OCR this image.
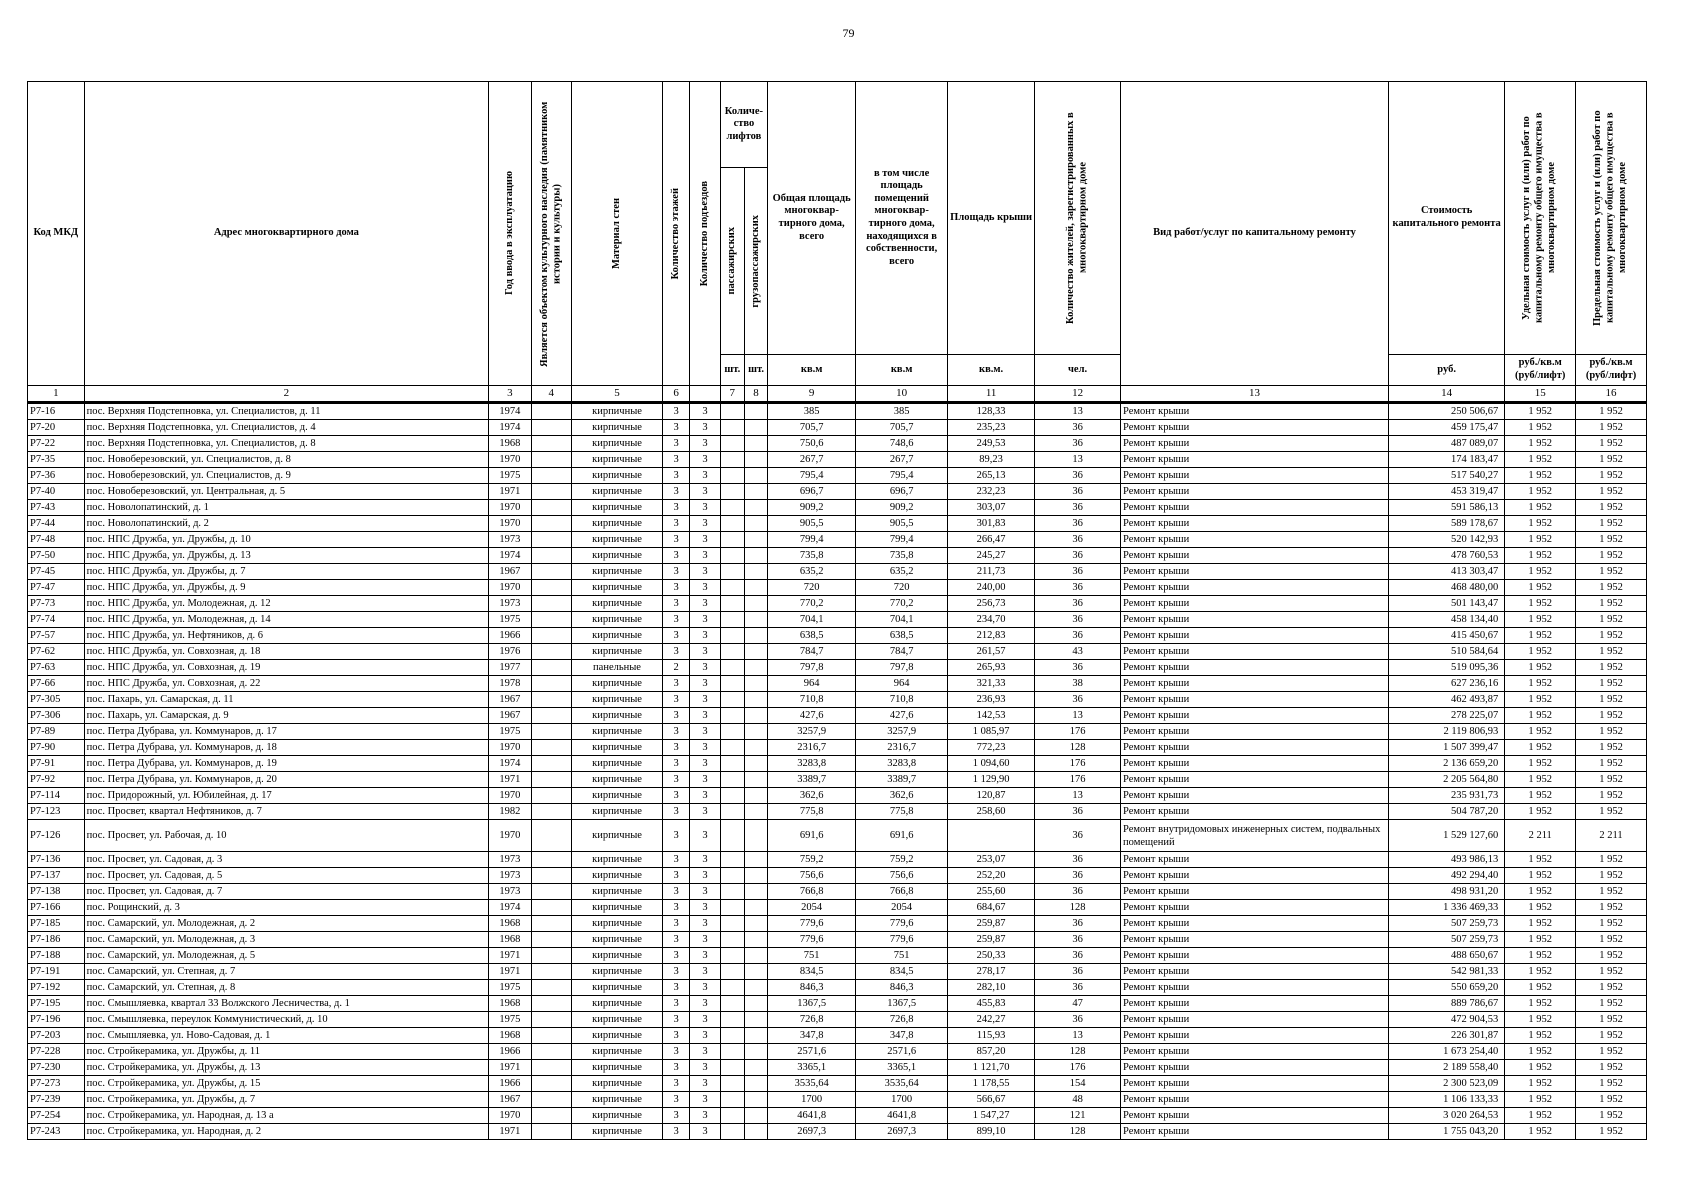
79
Код МКД	Адрес многоквартирного дома	Год ввода в эксплуатацию	Является объектом культурного наследия (памятником истории и культуры)	Материал стен	Количество этажей	Количество подъездов	Количе-ство лифтов		Общая площадь многоквар-тирного дома, всего	в том числе площадь помещений многоквар-тирного дома, находящихся в собственности, всего	Площадь крыши	Количество жителей, зарегистрированных в многоквартирном доме	Вид работ/услуг по капитальному ремонту	Стоимость капитального ремонта	Удельная стоимость услуг и (или) работ по капитальному ремонту общего имущества в многоквартирном доме	Предельная стоимость услуг и (или) работ по капитальному ремонту общего имущества в многоквартирном доме

							пассажирских	грузопассажирских								

							шт.	шт.	кв.м	кв.м	кв.м.	чел.		руб.	руб./кв.м (руб/лифт)	руб./кв.м (руб/лифт)
1	2	3	4	5	6		7	8	9	10	11	12	13	14	15	16
Р7-16	пос. Верхняя Подстепновка, ул. Специалистов, д. 11	1974		кирпичные	3	3			385	385	128,33	13	Ремонт крыши	250 506,67	1 952	1 952
Р7-20	пос. Верхняя Подстепновка, ул. Специалистов, д. 4	1974		кирпичные	3	3			705,7	705,7	235,23	36	Ремонт крыши	459 175,47	1 952	1 952
Р7-22	пос. Верхняя Подстепновка, ул. Специалистов, д. 8	1968		кирпичные	3	3			750,6	748,6	249,53	36	Ремонт крыши	487 089,07	1 952	1 952
Р7-35	пос. Новоберезовский, ул. Специалистов, д. 8	1970		кирпичные	3	3			267,7	267,7	89,23	13	Ремонт крыши	174 183,47	1 952	1 952
Р7-36	пос. Новоберезовский, ул. Специалистов, д. 9	1975		кирпичные	3	3			795,4	795,4	265,13	36	Ремонт крыши	517 540,27	1 952	1 952
Р7-40	пос. Новоберезовский, ул. Центральная, д. 5	1971		кирпичные	3	3			696,7	696,7	232,23	36	Ремонт крыши	453 319,47	1 952	1 952
Р7-43	пос. Новолопатинский, д. 1	1970		кирпичные	3	3			909,2	909,2	303,07	36	Ремонт крыши	591 586,13	1 952	1 952
Р7-44	пос. Новолопатинский, д. 2	1970		кирпичные	3	3			905,5	905,5	301,83	36	Ремонт крыши	589 178,67	1 952	1 952
Р7-48	пос. НПС Дружба, ул. Дружбы, д. 10	1973		кирпичные	3	3			799,4	799,4	266,47	36	Ремонт крыши	520 142,93	1 952	1 952
Р7-50	пос. НПС Дружба, ул. Дружбы, д. 13	1974		кирпичные	3	3			735,8	735,8	245,27	36	Ремонт крыши	478 760,53	1 952	1 952
Р7-45	пос. НПС Дружба, ул. Дружбы, д. 7	1967		кирпичные	3	3			635,2	635,2	211,73	36	Ремонт крыши	413 303,47	1 952	1 952
Р7-47	пос. НПС Дружба, ул. Дружбы, д. 9	1970		кирпичные	3	3			720	720	240,00	36	Ремонт крыши	468 480,00	1 952	1 952
Р7-73	пос. НПС Дружба, ул. Молодежная, д. 12	1973		кирпичные	3	3			770,2	770,2	256,73	36	Ремонт крыши	501 143,47	1 952	1 952
Р7-74	пос. НПС Дружба, ул. Молодежная, д. 14	1975		кирпичные	3	3			704,1	704,1	234,70	36	Ремонт крыши	458 134,40	1 952	1 952
Р7-57	пос. НПС Дружба, ул. Нефтяников, д. 6	1966		кирпичные	3	3			638,5	638,5	212,83	36	Ремонт крыши	415 450,67	1 952	1 952
Р7-62	пос. НПС Дружба, ул. Совхозная, д. 18	1976		кирпичные	3	3			784,7	784,7	261,57	43	Ремонт крыши	510 584,64	1 952	1 952
Р7-63	пос. НПС Дружба, ул. Совхозная, д. 19	1977		панельные	2	3			797,8	797,8	265,93	36	Ремонт крыши	519 095,36	1 952	1 952
Р7-66	пос. НПС Дружба, ул. Совхозная, д. 22	1978		кирпичные	3	3			964	964	321,33	38	Ремонт крыши	627 236,16	1 952	1 952
Р7-305	пос. Пахарь, ул. Самарская, д. 11	1967		кирпичные	3	3			710,8	710,8	236,93	36	Ремонт крыши	462 493,87	1 952	1 952
Р7-306	пос. Пахарь, ул. Самарская, д. 9	1967		кирпичные	3	3			427,6	427,6	142,53	13	Ремонт крыши	278 225,07	1 952	1 952
Р7-89	пос. Петра Дубрава, ул. Коммунаров, д. 17	1975		кирпичные	3	3			3257,9	3257,9	1 085,97	176	Ремонт крыши	2 119 806,93	1 952	1 952
Р7-90	пос. Петра Дубрава, ул. Коммунаров, д. 18	1970		кирпичные	3	3			2316,7	2316,7	772,23	128	Ремонт крыши	1 507 399,47	1 952	1 952
Р7-91	пос. Петра Дубрава, ул. Коммунаров, д. 19	1974		кирпичные	3	3			3283,8	3283,8	1 094,60	176	Ремонт крыши	2 136 659,20	1 952	1 952
Р7-92	пос. Петра Дубрава, ул. Коммунаров, д. 20	1971		кирпичные	3	3			3389,7	3389,7	1 129,90	176	Ремонт крыши	2 205 564,80	1 952	1 952
Р7-114	пос. Придорожный, ул. Юбилейная, д. 17	1970		кирпичные	3	3			362,6	362,6	120,87	13	Ремонт крыши	235 931,73	1 952	1 952
Р7-123	пос. Просвет, квартал Нефтяников, д. 7	1982		кирпичные	3	3			775,8	775,8	258,60	36	Ремонт крыши	504 787,20	1 952	1 952
Р7-126	пос. Просвет, ул. Рабочая, д. 10	1970		кирпичные	3	3			691,6	691,6		36	Ремонт внутридомовых инженерных систем, подвальных помещений	1 529 127,60	2 211	2 211
Р7-136	пос. Просвет, ул. Садовая, д. 3	1973		кирпичные	3	3			759,2	759,2	253,07	36	Ремонт крыши	493 986,13	1 952	1 952
Р7-137	пос. Просвет, ул. Садовая, д. 5	1973		кирпичные	3	3			756,6	756,6	252,20	36	Ремонт крыши	492 294,40	1 952	1 952
Р7-138	пос. Просвет, ул. Садовая, д. 7	1973		кирпичные	3	3			766,8	766,8	255,60	36	Ремонт крыши	498 931,20	1 952	1 952
Р7-166	пос. Рощинский, д. 3	1974		кирпичные	3	3			2054	2054	684,67	128	Ремонт крыши	1 336 469,33	1 952	1 952
Р7-185	пос. Самарский, ул. Молодежная, д. 2	1968		кирпичные	3	3			779,6	779,6	259,87	36	Ремонт крыши	507 259,73	1 952	1 952
Р7-186	пос. Самарский, ул. Молодежная, д. 3	1968		кирпичные	3	3			779,6	779,6	259,87	36	Ремонт крыши	507 259,73	1 952	1 952
Р7-188	пос. Самарский, ул. Молодежная, д. 5	1971		кирпичные	3	3			751	751	250,33	36	Ремонт крыши	488 650,67	1 952	1 952
Р7-191	пос. Самарский, ул. Степная, д. 7	1971		кирпичные	3	3			834,5	834,5	278,17	36	Ремонт крыши	542 981,33	1 952	1 952
Р7-192	пос. Самарский, ул. Степная, д. 8	1975		кирпичные	3	3			846,3	846,3	282,10	36	Ремонт крыши	550 659,20	1 952	1 952
Р7-195	пос. Смышляевка, квартал 33 Волжского Лесничества, д. 1	1968		кирпичные	3	3			1367,5	1367,5	455,83	47	Ремонт крыши	889 786,67	1 952	1 952
Р7-196	пос. Смышляевка, переулок Коммунистический, д. 10	1975		кирпичные	3	3			726,8	726,8	242,27	36	Ремонт крыши	472 904,53	1 952	1 952
Р7-203	пос. Смышляевка, ул. Ново-Садовая, д. 1	1968		кирпичные	3	3			347,8	347,8	115,93	13	Ремонт крыши	226 301,87	1 952	1 952
Р7-228	пос. Стройкерамика, ул. Дружбы, д. 11	1966		кирпичные	3	3			2571,6	2571,6	857,20	128	Ремонт крыши	1 673 254,40	1 952	1 952
Р7-230	пос. Стройкерамика, ул. Дружбы, д. 13	1971		кирпичные	3	3			3365,1	3365,1	1 121,70	176	Ремонт крыши	2 189 558,40	1 952	1 952
Р7-273	пос. Стройкерамика, ул. Дружбы, д. 15	1966		кирпичные	3	3			3535,64	3535,64	1 178,55	154	Ремонт крыши	2 300 523,09	1 952	1 952
Р7-239	пос. Стройкерамика, ул. Дружбы, д. 7	1967		кирпичные	3	3			1700	1700	566,67	48	Ремонт крыши	1 106 133,33	1 952	1 952
Р7-254	пос. Стройкерамика, ул. Народная, д. 13 а	1970		кирпичные	3	3			4641,8	4641,8	1 547,27	121	Ремонт крыши	3 020 264,53	1 952	1 952
Р7-243	пос. Стройкерамика, ул. Народная, д. 2	1971		кирпичные	3	3			2697,3	2697,3	899,10	128	Ремонт крыши	1 755 043,20	1 952	1 952
